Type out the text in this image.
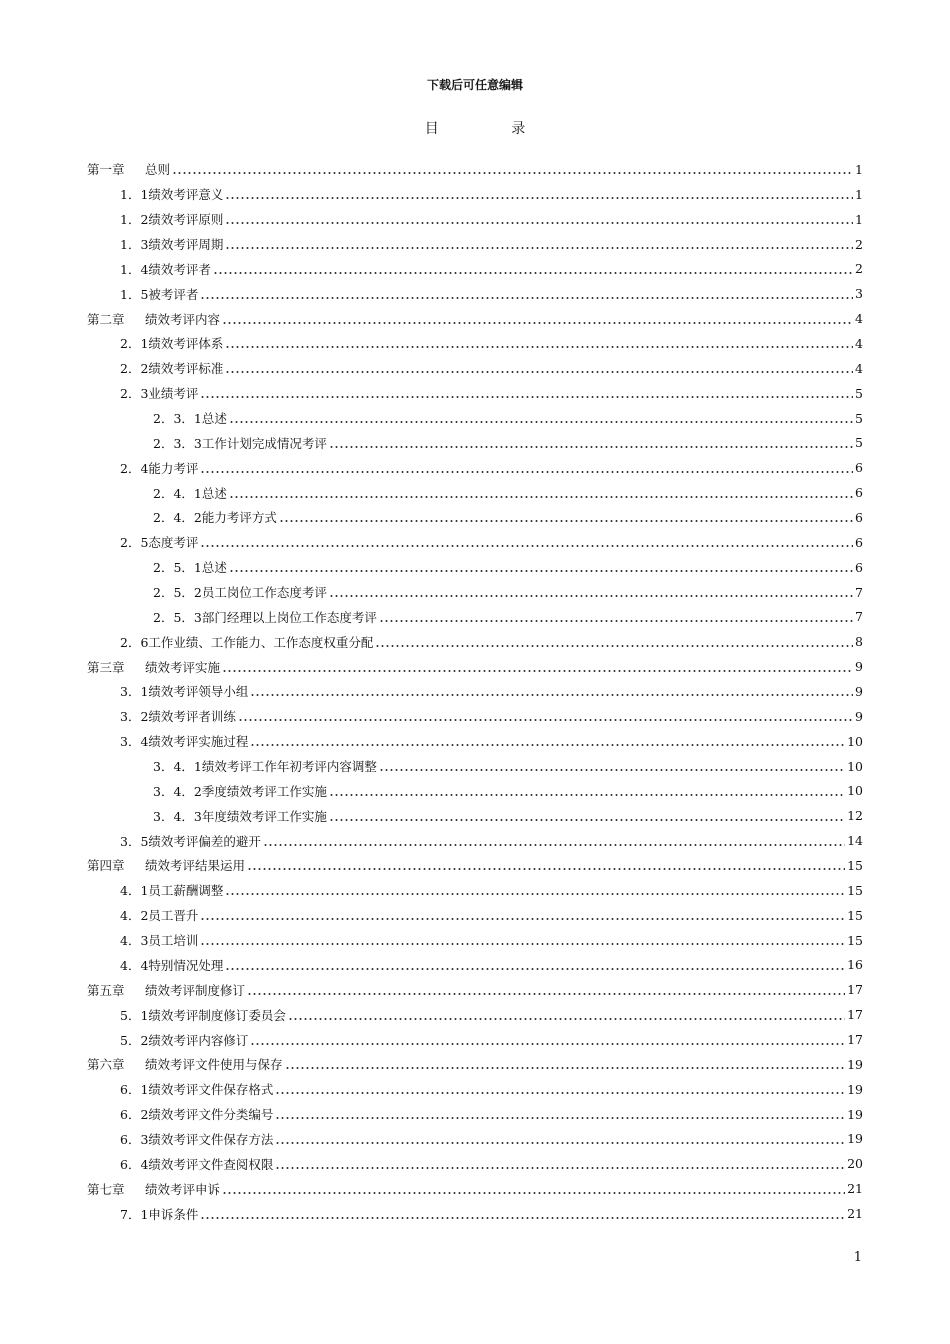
下载后可任意编辑
目 录
第一章 总则	1
1．1绩效考评意义	1
1．2绩效考评原则	1
1．3绩效考评周期	2
1．4绩效考评者	2
1．5被考评者	3
第二章 绩效考评内容	4
2．1绩效考评体系	4
2．2绩效考评标准	4
2．3业绩考评	5
2．3．1总述	5
2．3．3工作计划完成情况考评	5
2．4能力考评	6
2．4．1总述	6
2．4．2能力考评方式	6
2．5态度考评	6
2．5．1总述	6
2．5．2员工岗位工作态度考评	7
2．5．3部门经理以上岗位工作态度考评	7
2．6工作业绩、工作能力、工作态度权重分配	8
第三章 绩效考评实施	9
3．1绩效考评领导小组	9
3．2绩效考评者训练	9
3．4绩效考评实施过程	10
3．4．1绩效考评工作年初考评内容调整	10
3．4．2季度绩效考评工作实施	10
3．4．3年度绩效考评工作实施	12
3．5绩效考评偏差的避开	14
第四章 绩效考评结果运用	15
4．1员工薪酬调整	15
4．2员工晋升	15
4．3员工培训	15
4．4特别情况处理	16
第五章 绩效考评制度修订	17
5．1绩效考评制度修订委员会	17
5．2绩效考评内容修订	17
第六章 绩效考评文件使用与保存	19
6．1绩效考评文件保存格式	19
6．2绩效考评文件分类编号	19
6．3绩效考评文件保存方法	19
6．4绩效考评文件查阅权限	20
第七章 绩效考评申诉	21
7．1申诉条件	21
1
